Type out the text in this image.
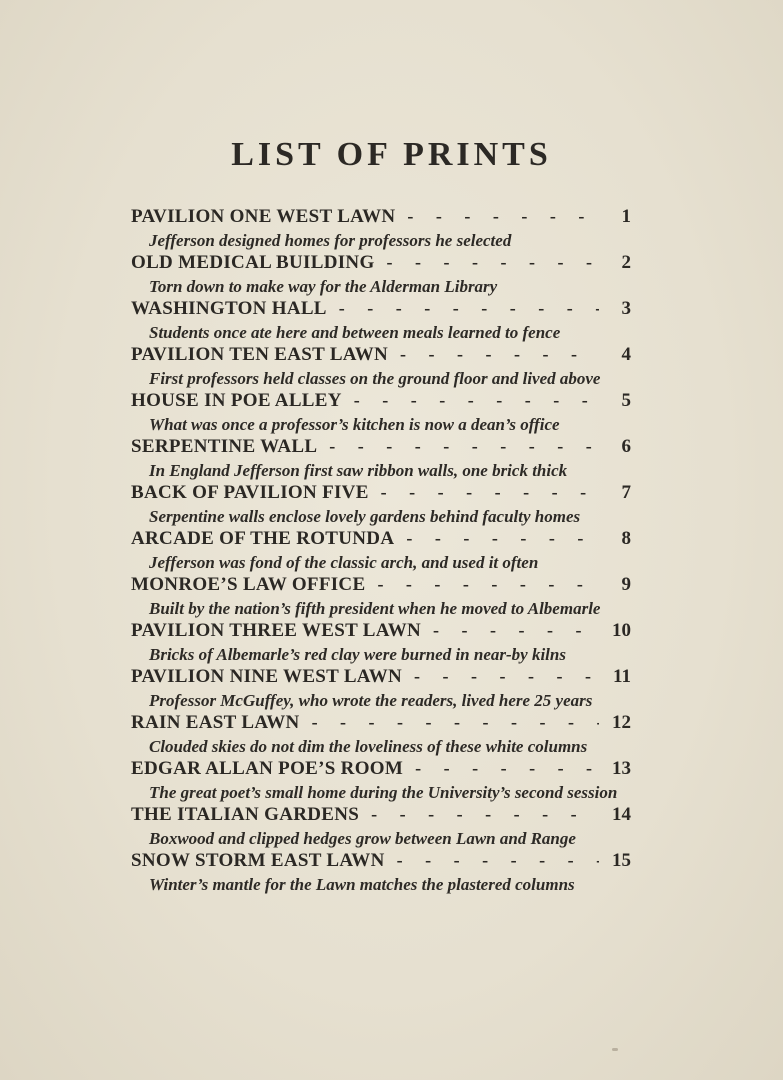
LIST OF PRINTS
PAVILION ONE WEST LAWN - - -	1
Jefferson designed homes for professors he selected
OLD MEDICAL BUILDING - - -	2
Torn down to make way for the Alderman Library
WASHINGTON HALL - - -	3
Students once ate here and between meals learned to fence
PAVILION TEN EAST LAWN - - -	4
First professors held classes on the ground floor and lived above
HOUSE IN POE ALLEY - - -	5
What was once a professor’s kitchen is now a dean’s office
SERPENTINE WALL - - -	6
In England Jefferson first saw ribbon walls, one brick thick
BACK OF PAVILION FIVE - - -	7
Serpentine walls enclose lovely gardens behind faculty homes
ARCADE OF THE ROTUNDA - - -	8
Jefferson was fond of the classic arch, and used it often
MONROE’S LAW OFFICE - - -	9
Built by the nation’s fifth president when he moved to Albemarle
PAVILION THREE WEST LAWN - - -	10
Bricks of Albemarle’s red clay were burned in near-by kilns
PAVILION NINE WEST LAWN - - -	11
Professor McGuffey, who wrote the readers, lived here 25 years
RAIN EAST LAWN - - -	12
Clouded skies do not dim the loveliness of these white columns
EDGAR ALLAN POE’S ROOM - - -	13
The great poet’s small home during the University’s second session
THE ITALIAN GARDENS - - -	14
Boxwood and clipped hedges grow between Lawn and Range
SNOW STORM EAST LAWN - - -	15
Winter’s mantle for the Lawn matches the plastered columns
